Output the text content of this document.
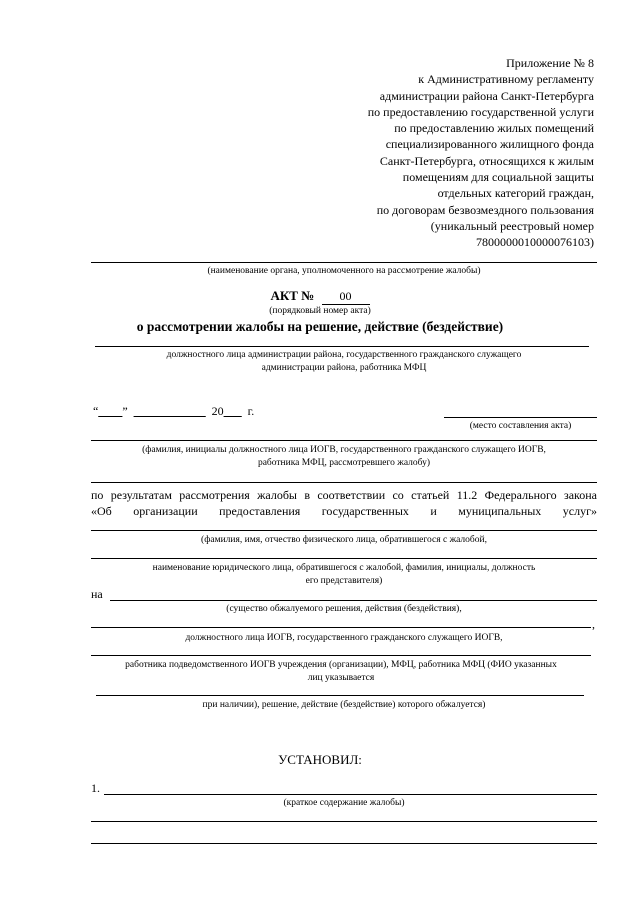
Приложение № 8
к Административному регламенту
администрации района Санкт-Петербурга
по предоставлению государственной услуги
по предоставлению жилых помещений
специализированного жилищного фонда
Санкт-Петербурга, относящихся к жилым
помещениям для социальной защиты
отдельных категорий граждан,
по договорам безвозмездного пользования
(уникальный реестровый номер
7800000010000076103)
(наименование органа, уполномоченного на рассмотрение жалобы)
АКТ № 00
(порядковый номер акта)
о рассмотрении жалобы на решение, действие (бездействие)
должностного лица администрации района, государственного гражданского служащего
администрации района, работника МФЦ
“____” ____________ 20___ г.
(место составления акта)
(фамилия, инициалы должностного лица ИОГВ, государственного гражданского служащего ИОГВ,
работника МФЦ, рассмотревшего жалобу)
по результатам рассмотрения жалобы в соответствии со статьей 11.2 Федерального закона
«Об организации предоставления государственных и муниципальных услуг»
(фамилия, имя, отчество физического лица, обратившегося с жалобой,
наименование юридического лица, обратившегося с жалобой, фамилия, инициалы, должность
его представителя)
на
(существо обжалуемого решения, действия (бездействия),
,
должностного лица ИОГВ, государственного гражданского служащего ИОГВ,
работника подведомственного ИОГВ учреждения (организации), МФЦ, работника МФЦ (ФИО указанных
лиц указывается
при наличии), решение, действие (бездействие) которого обжалуется)
УСТАНОВИЛ:
1.
(краткое содержание жалобы)
